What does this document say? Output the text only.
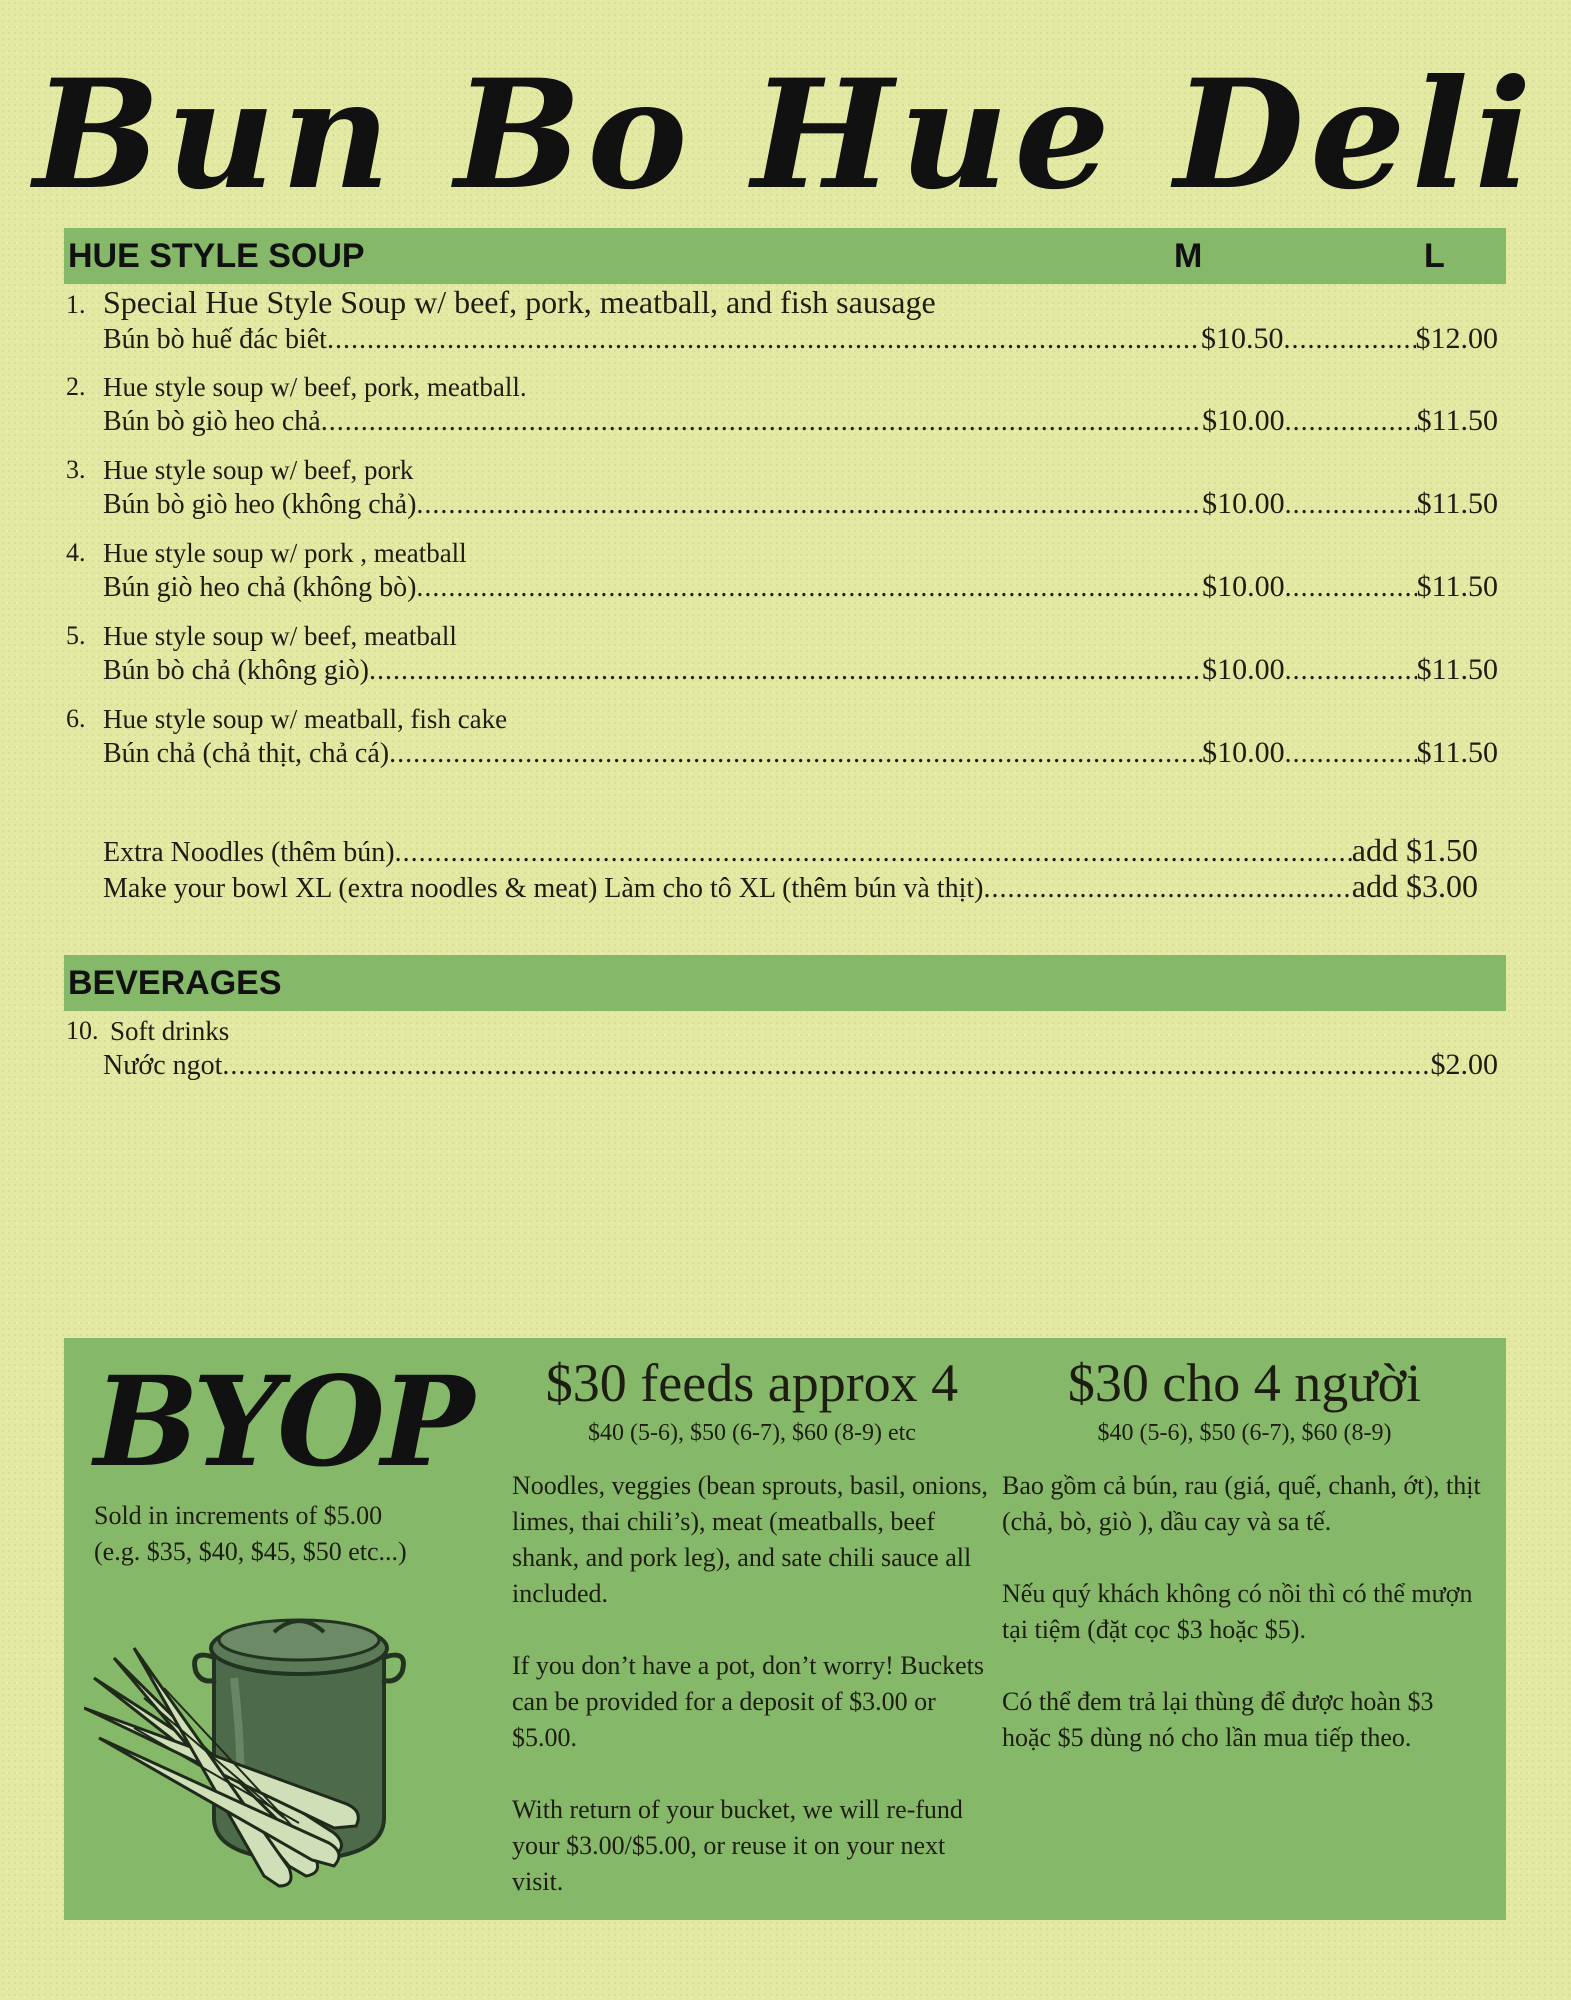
Bun Bo Hue Deli
HUE STYLE SOUP	M	L
1. Special Hue Style Soup w/ beef, pork, meatball, and fish sausage
Bún bò huế đác biêt .....	$10.50 .....	$12.00
2. Hue style soup w/ beef, pork, meatball.
Bún bò giò heo chả .....	$10.00 .....	$11.50
3. Hue style soup w/ beef, pork
Bún bò giò heo (không chả) .....	$10.00 .....	$11.50
4. Hue style soup w/ pork , meatball
Bún giò heo chả (không bò) .....	$10.00 .....	$11.50
5. Hue style soup w/ beef, meatball
Bún bò chả (không giò) .....	$10.00 .....	$11.50
6. Hue style soup w/ meatball, fish cake
Bún chả (chả thịt, chả cá) .....	$10.00 .....	$11.50
Extra Noodles (thêm bún) .....	add $1.50
Make your bowl XL (extra noodles & meat) Làm cho tô XL (thêm bún và thịt) .....	add $3.00
BEVERAGES
10. Soft drinks
Nước ngot .....	$2.00
BYOP
Sold in increments of $5.00
(e.g. $35, $40, $45, $50 etc...)
$30 feeds approx 4
$40 (5-6), $50 (6-7), $60 (8-9) etc

Noodles, veggies (bean sprouts, basil, onions, limes, thai chili’s), meat (meatballs, beef shank, and pork leg), and sate chili sauce all included.

If you don’t have a pot, don’t worry! Buckets can be provided for a deposit of $3.00 or $5.00.

With return of your bucket, we will re-fund your $3.00/$5.00, or reuse it on your next visit.

$30 cho 4 người
$40 (5-6), $50 (6-7), $60 (8-9)

Bao gồm cả bún, rau (giá, quế, chanh, ớt), thịt (chả, bò, giò ), dầu cay và sa tế.

Nếu quý khách không có nồi thì có thể mượn tại tiệm (đặt cọc $3 hoặc $5).

Có thể đem trả lại thùng để được hoàn $3 hoặc $5 dùng nó cho lần mua tiếp theo.
